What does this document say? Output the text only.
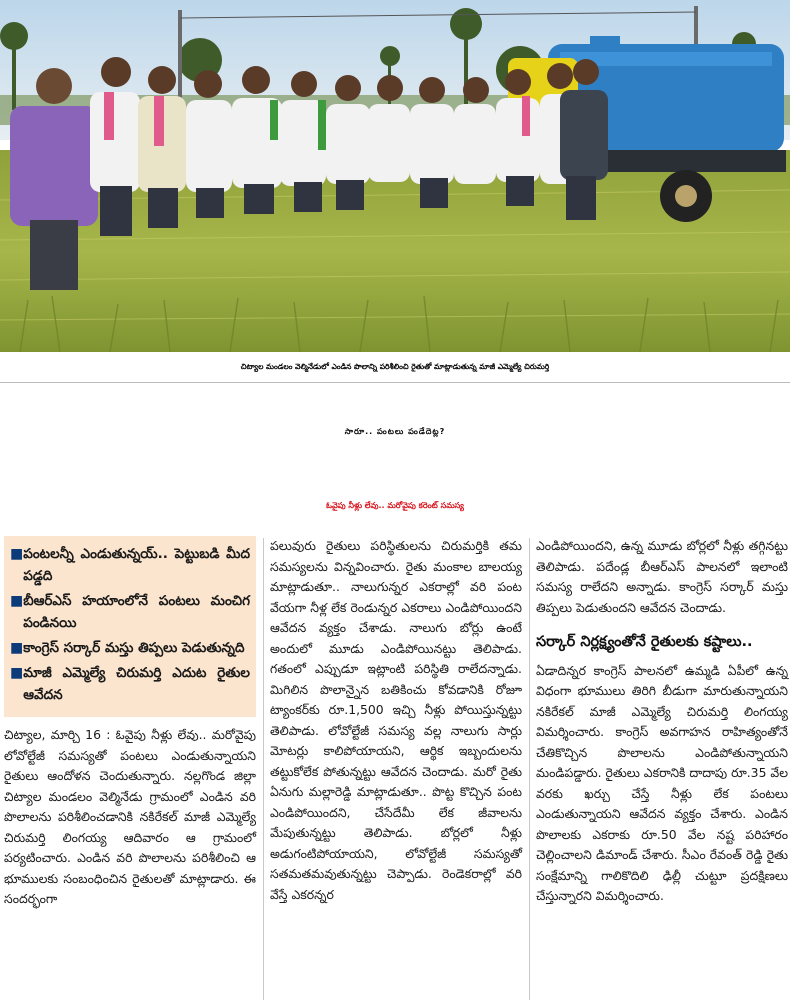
చిట్యాల మండలం వెల్మినేడులో ఎండిన పొలాన్ని పరిశీలించి రైతుతో మాట్లాడుతున్న మాజీ ఎమ్మెల్యే చిరుమర్తి
సారూ.. పంటలు పండేదెట్ల?
ఓవైపు నీళ్లు లేవు.. మరోవైపు కరెంట్ సమస్య
■ పంటలన్నీ ఎండుతున్నయ్.. పెట్టుబడి మీద పడ్డది
■ బీఆర్ఎస్ హయాంలోనే పంటలు మంచిగ పండినయి
■ కాంగ్రెస్ సర్కార్ మస్తు తిప్పలు పెడుతున్నది
■ మాజీ ఎమ్మెల్యే చిరుమర్తి ఎదుట రైతుల ఆవేదన

చిట్యాల, మార్చి 16 : ఓవైపు నీళ్లు లేవు.. మరోవైపు లోవోల్టేజీ సమస్యతో పంటలు ఎండుతున్నాయని రైతులు ఆందోళన చెందుతున్నారు. నల్లగొండ జిల్లా చిట్యాల మండలం వెల్మినేడు గ్రామంలో ఎండిన వరి పొలాలను పరిశీలించడానికి నకిరేకల్ మాజీ ఎమ్మెల్యే చిరుమర్తి లింగయ్య ఆదివారం ఆ గ్రామంలో పర్యటించారు. ఎండిన వరి పొలాలను పరిశీలించి ఆ భూములకు సంబంధించిన రైతులతో మాట్లాడారు. ఈ సందర్భంగా

పలువురు రైతులు పరిస్థితులను చిరుమర్తికి తమ సమస్యలను విన్నవించారు. రైతు మంకాల బాలయ్య మాట్లాడుతూ.. నాలుగున్నర ఎకరాల్లో వరి పంట వేయగా నీళ్ల లేక రెండున్నర ఎకరాలు ఎండిపోయిందని ఆవేదన వ్యక్తం చేశాడు. నాలుగు బోర్లు ఉంటే అందులో మూడు ఎండిపోయినట్టు తెలిపాడు. గతంలో ఎప్పుడూ ఇట్లాంటి పరిస్థితి రాలేదన్నాడు. మిగిలిన పొలాన్నైన బతికించు కోవడానికి రోజూ ట్యాంకర్‌కు రూ.1,500 ఇచ్చి నీళ్లు పోయిస్తున్నట్టు తెలిపాడు. లోవోల్టేజీ సమస్య వల్ల నాలుగు సార్లు మోటర్లు కాలిపోయాయని, ఆర్థిక ఇబ్బందులను తట్టుకోలేక పోతున్నట్టు ఆవేదన చెందాడు. మరో రైతు ఏనుగు మల్లారెడ్డి మాట్లాడుతూ.. పొట్ట కొచ్చిన పంట ఎండిపోయిందని, చేసేదేమీ లేక జీవాలను మేపుతున్నట్టు తెలిపాడు. బోర్లలో నీళ్లు అడుగంటిపోయాయని, లోవోల్టేజీ సమస్యతో సతమతమవుతున్నట్టు చెప్పాడు. రెండెకరాల్లో వరి వేస్తే ఎకరన్నర

ఎండిపోయిందని, ఉన్న మూడు బోర్లలో నీళ్లు తగ్గినట్టు తెలిపాడు. పదేండ్ల బీఆర్ఎస్ పాలనలో ఇలాంటి సమస్య రాలేదని అన్నాడు. కాంగ్రెస్ సర్కార్ మస్తు తిప్పలు పెడుతుందని ఆవేదన చెందాడు.

సర్కార్ నిర్లక్ష్యంతోనే రైతులకు కష్టాలు..

ఏడాదిన్నర కాంగ్రెస్ పాలనలో ఉమ్మడి ఏపీలో ఉన్న విధంగా భూములు తిరిగి బీడుగా మారుతున్నాయని నకిరేకల్ మాజీ ఎమ్మెల్యే చిరుమర్తి లింగయ్య విమర్శించారు. కాంగ్రెస్ అవగాహన రాహిత్యంతోనే చేతికొచ్చిన పొలాలను ఎండిపోతున్నాయని మండిపడ్డారు. రైతులు ఎకరానికి దాదాపు రూ.35 వేల వరకు ఖర్చు చేస్తే నీళ్లు లేక పంటలు ఎండుతున్నాయని ఆవేదన వ్యక్తం చేశారు. ఎండిన పొలాలకు ఎకరాకు రూ.50 వేల నష్ట పరిహారం చెల్లించాలని డిమాండ్ చేశారు. సీఎం రేవంత్ రెడ్డి రైతు సంక్షేమాన్ని గాలికొదిలి ఢిల్లీ చుట్టూ ప్రదక్షిణలు చేస్తున్నారని విమర్శించారు.
